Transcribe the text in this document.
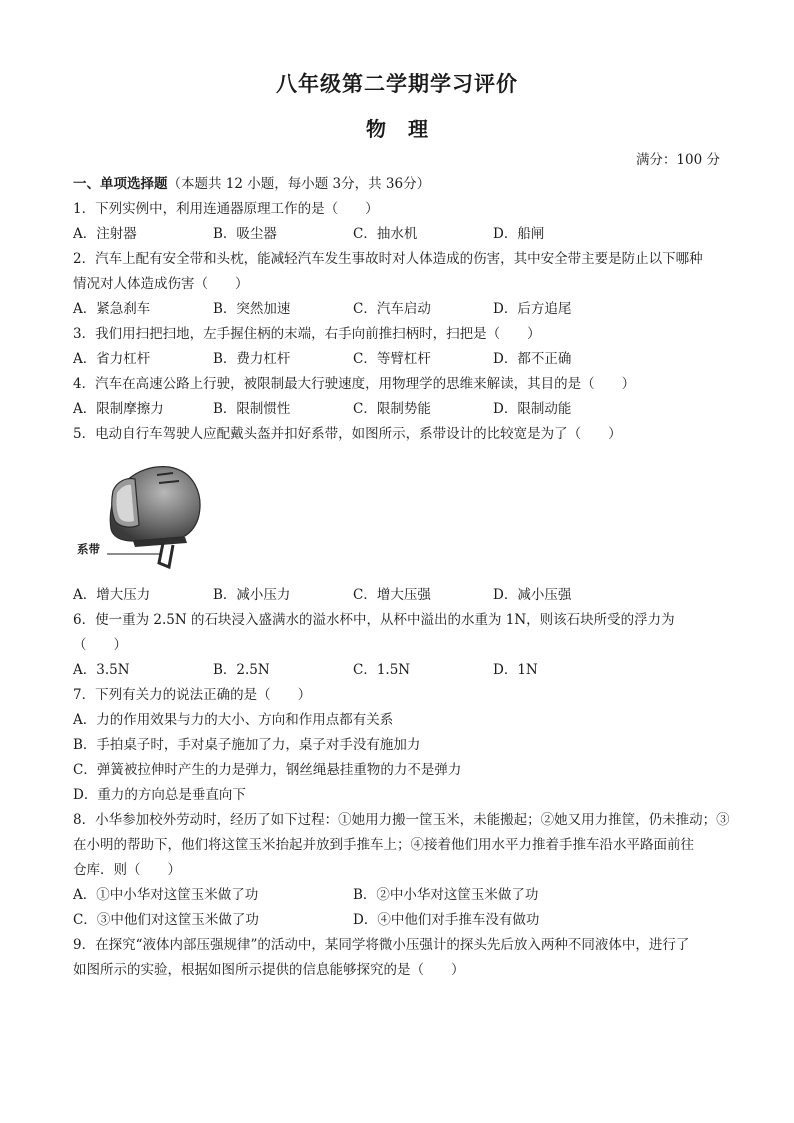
八年级第二学期学习评价
物理
满分：100 分
一、单项选择题（本题共 12 小题，每小题 3分，共 36分）
1．下列实例中，利用连通器原理工作的是（　　）
A．注射器	B．吸尘器	C．抽水机	D．船闸
2．汽车上配有安全带和头枕，能减轻汽车发生事故时对人体造成的伤害，其中安全带主要是防止以下哪种
情况对人体造成伤害（　　）
A．紧急刹车	B．突然加速	C．汽车启动	D．后方追尾
3．我们用扫把扫地，左手握住柄的末端，右手向前推扫柄时，扫把是（　　）
A．省力杠杆	B．费力杠杆	C．等臂杠杆	D．都不正确
4．汽车在高速公路上行驶，被限制最大行驶速度，用物理学的思维来解读，其目的是（　　）
A．限制摩擦力	B．限制惯性	C．限制势能	D．限制动能
5．电动自行车驾驶人应配戴头盔并扣好系带，如图所示，系带设计的比较宽是为了（　　）
系带
A．增大压力	B．减小压力	C．增大压强	D．减小压强
6．使一重为 2.5N 的石块浸入盛满水的溢水杯中，从杯中溢出的水重为 1N，则该石块所受的浮力为
（　　）
A．3.5N	B．2.5N	C．1.5N	D．1N
7．下列有关力的说法正确的是（　　）
A．力的作用效果与力的大小、方向和作用点都有关系
B．手拍桌子时，手对桌子施加了力，桌子对手没有施加力
C．弹簧被拉伸时产生的力是弹力，钢丝绳悬挂重物的力不是弹力
D．重力的方向总是垂直向下
8．小华参加校外劳动时，经历了如下过程：①她用力搬一筐玉米，未能搬起；②她又用力推筐，仍未推动；③
在小明的帮助下，他们将这筐玉米抬起并放到手推车上；④接着他们用水平力推着手推车沿水平路面前往
仓库．则（　　）
A．①中小华对这筐玉米做了功	B．②中小华对这筐玉米做了功
C．③中他们对这筐玉米做了功	D．④中他们对手推车没有做功
9．在探究“液体内部压强规律”的活动中，某同学将微小压强计的探头先后放入两种不同液体中，进行了
如图所示的实验，根据如图所示提供的信息能够探究的是（　　）
